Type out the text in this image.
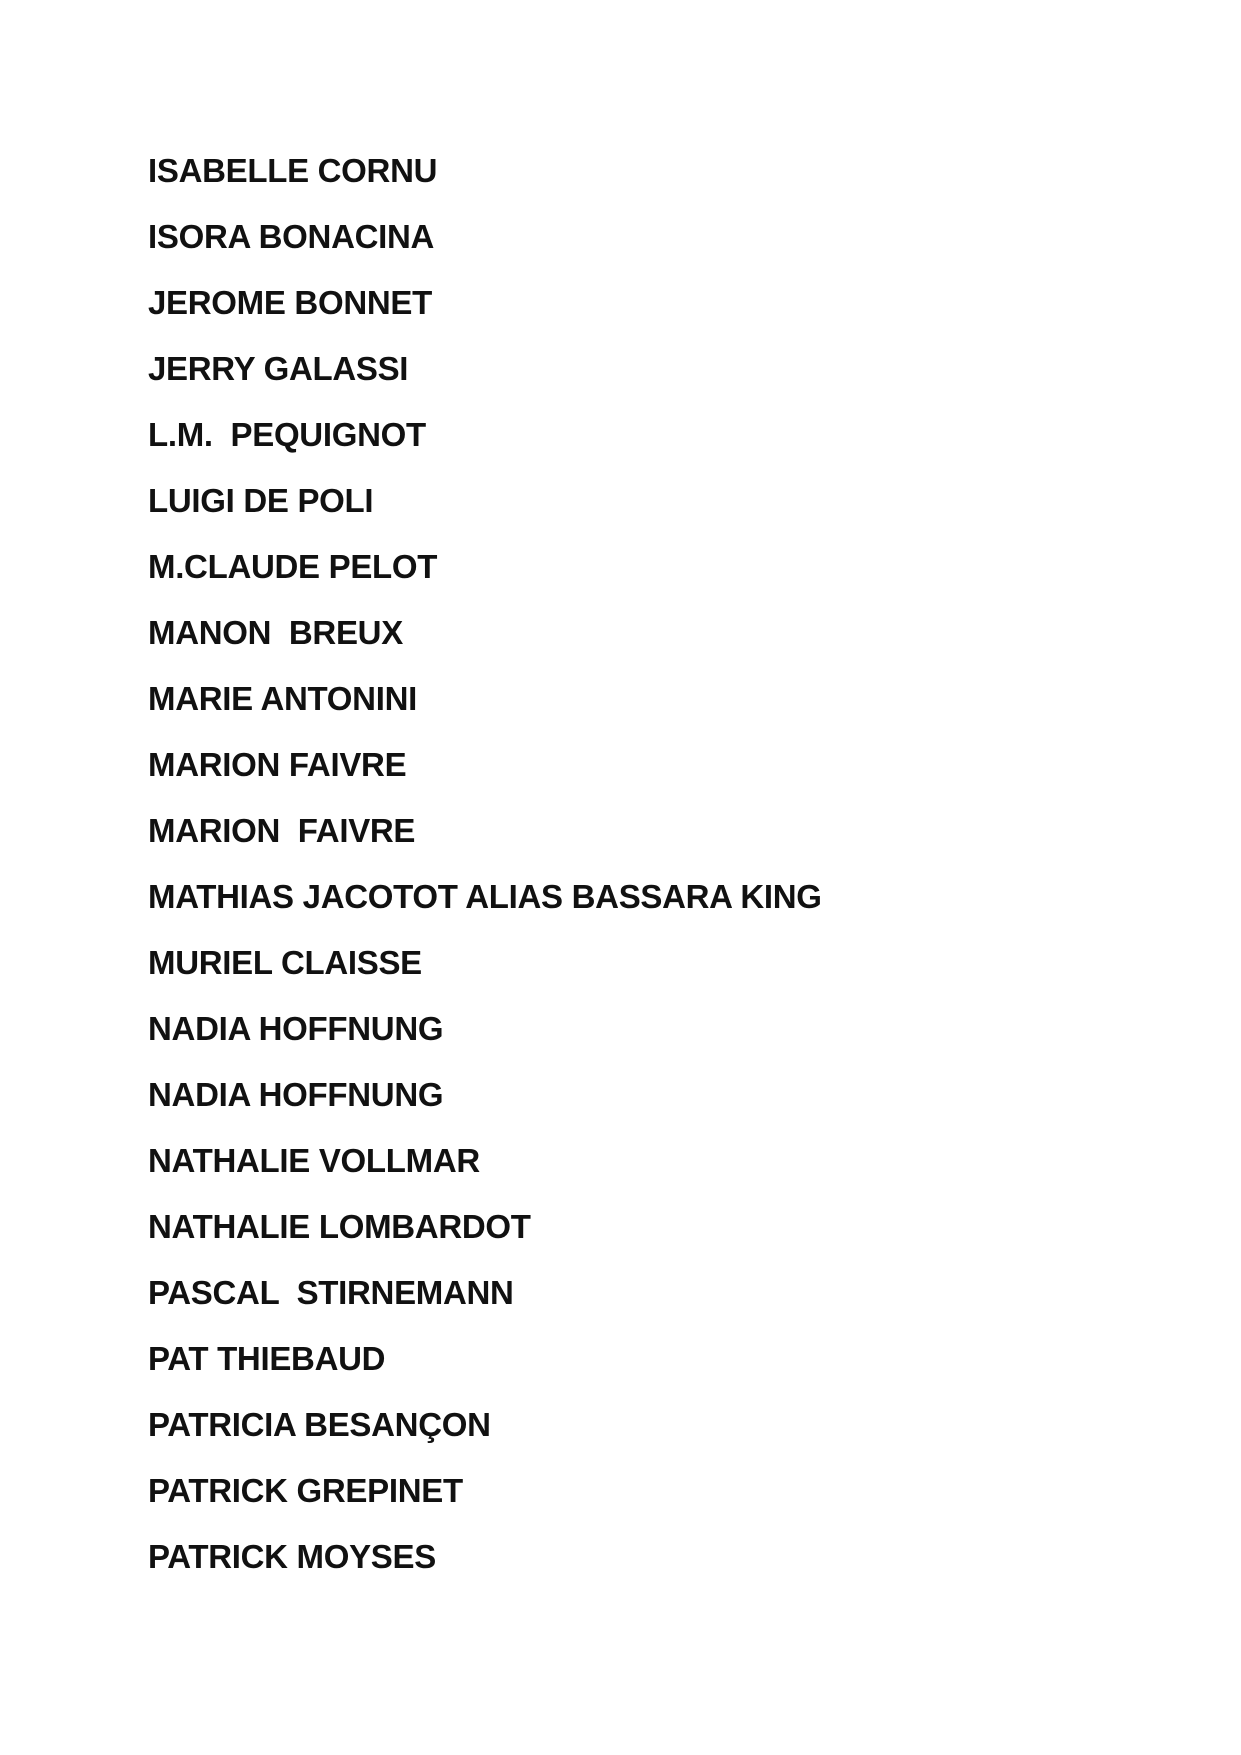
ISABELLE CORNU
ISORA BONACINA
JEROME BONNET
JERRY GALASSI
L.M.  PEQUIGNOT
LUIGI DE POLI
M.CLAUDE PELOT
MANON  BREUX
MARIE ANTONINI
MARION FAIVRE
MARION  FAIVRE
MATHIAS JACOTOT ALIAS BASSARA KING
MURIEL CLAISSE
NADIA HOFFNUNG
NADIA HOFFNUNG
NATHALIE VOLLMAR
NATHALIE LOMBARDOT
PASCAL  STIRNEMANN
PAT THIEBAUD
PATRICIA BESANÇON
PATRICK GREPINET
PATRICK MOYSES
